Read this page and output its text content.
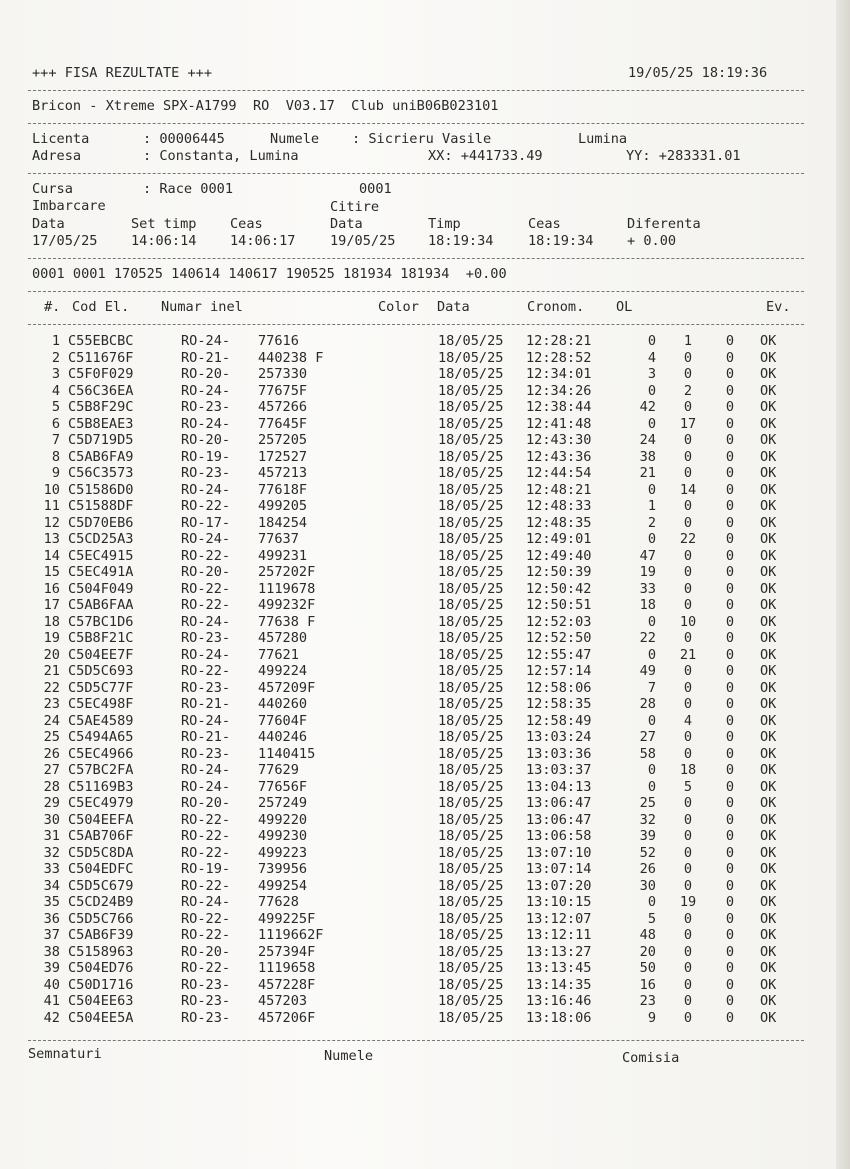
+++ FISA REZULTATE +++	19/05/25 18:19:36
Bricon - Xtreme SPX-A1799  RO  V03.17  Club uniB06B023101
Licenta	: 00006445	Numele : Sicrieru Vasile	Lumina
Adresa	: Constanta, Lumina	XX: +441733.49	YY: +283331.01
Cursa	: Race 0001	0001
Imbarcare	Citire
Data	Set timp Ceas	Data	Timp	Ceas	Diferenta
17/05/25 14:06:14 14:06:17	19/05/25 18:19:34	18:19:34 + 0.00
0001 0001 170525 140614 140617 190525 181934 181934  +0.00
#. Cod El. Numar inel	Color Data	Cronom. OL	Ev.
1 C55EBCBC	RO-24-	77616	18/05/25	12:28:21	0	1	0	OK
2 C511676F	RO-21-	440238 F	18/05/25	12:28:52	4	0	0	OK
3 C5F0F029	RO-20-	257330	18/05/25	12:34:01	3	0	0	OK
4 C56C36EA	RO-24-	77675F	18/05/25	12:34:26	0	2	0	OK
5 C5B8F29C	RO-23-	457266	18/05/25	12:38:44	42	0	0	OK
6 C5B8EAE3	RO-24-	77645F	18/05/25	12:41:48	0	17	0	OK
7 C5D719D5	RO-20-	257205	18/05/25	12:43:30	24	0	0	OK
8 C5AB6FA9	RO-19-	172527	18/05/25	12:43:36	38	0	0	OK
9 C56C3573	RO-23-	457213	18/05/25	12:44:54	21	0	0	OK
10 C51586D0	RO-24-	77618F	18/05/25	12:48:21	0	14	0	OK
11 C51588DF	RO-22-	499205	18/05/25	12:48:33	1	0	0	OK
12 C5D70EB6	RO-17-	184254	18/05/25	12:48:35	2	0	0	OK
13 C5CD25A3	RO-24-	77637	18/05/25	12:49:01	0	22	0	OK
14 C5EC4915	RO-22-	499231	18/05/25	12:49:40	47	0	0	OK
15 C5EC491A	RO-20-	257202F	18/05/25	12:50:39	19	0	0	OK
16 C504F049	RO-22-	1119678	18/05/25	12:50:42	33	0	0	OK
17 C5AB6FAA	RO-22-	499232F	18/05/25	12:50:51	18	0	0	OK
18 C57BC1D6	RO-24-	77638 F	18/05/25	12:52:03	0	10	0	OK
19 C5B8F21C	RO-23-	457280	18/05/25	12:52:50	22	0	0	OK
20 C504EE7F	RO-24-	77621	18/05/25	12:55:47	0	21	0	OK
21 C5D5C693	RO-22-	499224	18/05/25	12:57:14	49	0	0	OK
22 C5D5C77F	RO-23-	457209F	18/05/25	12:58:06	7	0	0	OK
23 C5EC498F	RO-21-	440260	18/05/25	12:58:35	28	0	0	OK
24 C5AE4589	RO-24-	77604F	18/05/25	12:58:49	0	4	0	OK
25 C5494A65	RO-21-	440246	18/05/25	13:03:24	27	0	0	OK
26 C5EC4966	RO-23-	1140415	18/05/25	13:03:36	58	0	0	OK
27 C57BC2FA	RO-24-	77629	18/05/25	13:03:37	0	18	0	OK
28 C51169B3	RO-24-	77656F	18/05/25	13:04:13	0	5	0	OK
29 C5EC4979	RO-20-	257249	18/05/25	13:06:47	25	0	0	OK
30 C504EEFA	RO-22-	499220	18/05/25	13:06:47	32	0	0	OK
31 C5AB706F	RO-22-	499230	18/05/25	13:06:58	39	0	0	OK
32 C5D5C8DA	RO-22-	499223	18/05/25	13:07:10	52	0	0	OK
33 C504EDFC	RO-19-	739956	18/05/25	13:07:14	26	0	0	OK
34 C5D5C679	RO-22-	499254	18/05/25	13:07:20	30	0	0	OK
35 C5CD24B9	RO-24-	77628	18/05/25	13:10:15	0	19	0	OK
36 C5D5C766	RO-22-	499225F	18/05/25	13:12:07	5	0	0	OK
37 C5AB6F39	RO-22-	1119662F	18/05/25	13:12:11	48	0	0	OK
38 C5158963	RO-20-	257394F	18/05/25	13:13:27	20	0	0	OK
39 C504ED76	RO-22-	1119658	18/05/25	13:13:45	50	0	0	OK
40 C50D1716	RO-23-	457228F	18/05/25	13:14:35	16	0	0	OK
41 C504EE63	RO-23-	457203	18/05/25	13:16:46	23	0	0	OK
42 C504EE5A	RO-23-	457206F	18/05/25	13:18:06	9	0	0	OK
Semnaturi	Numele	Comisia
